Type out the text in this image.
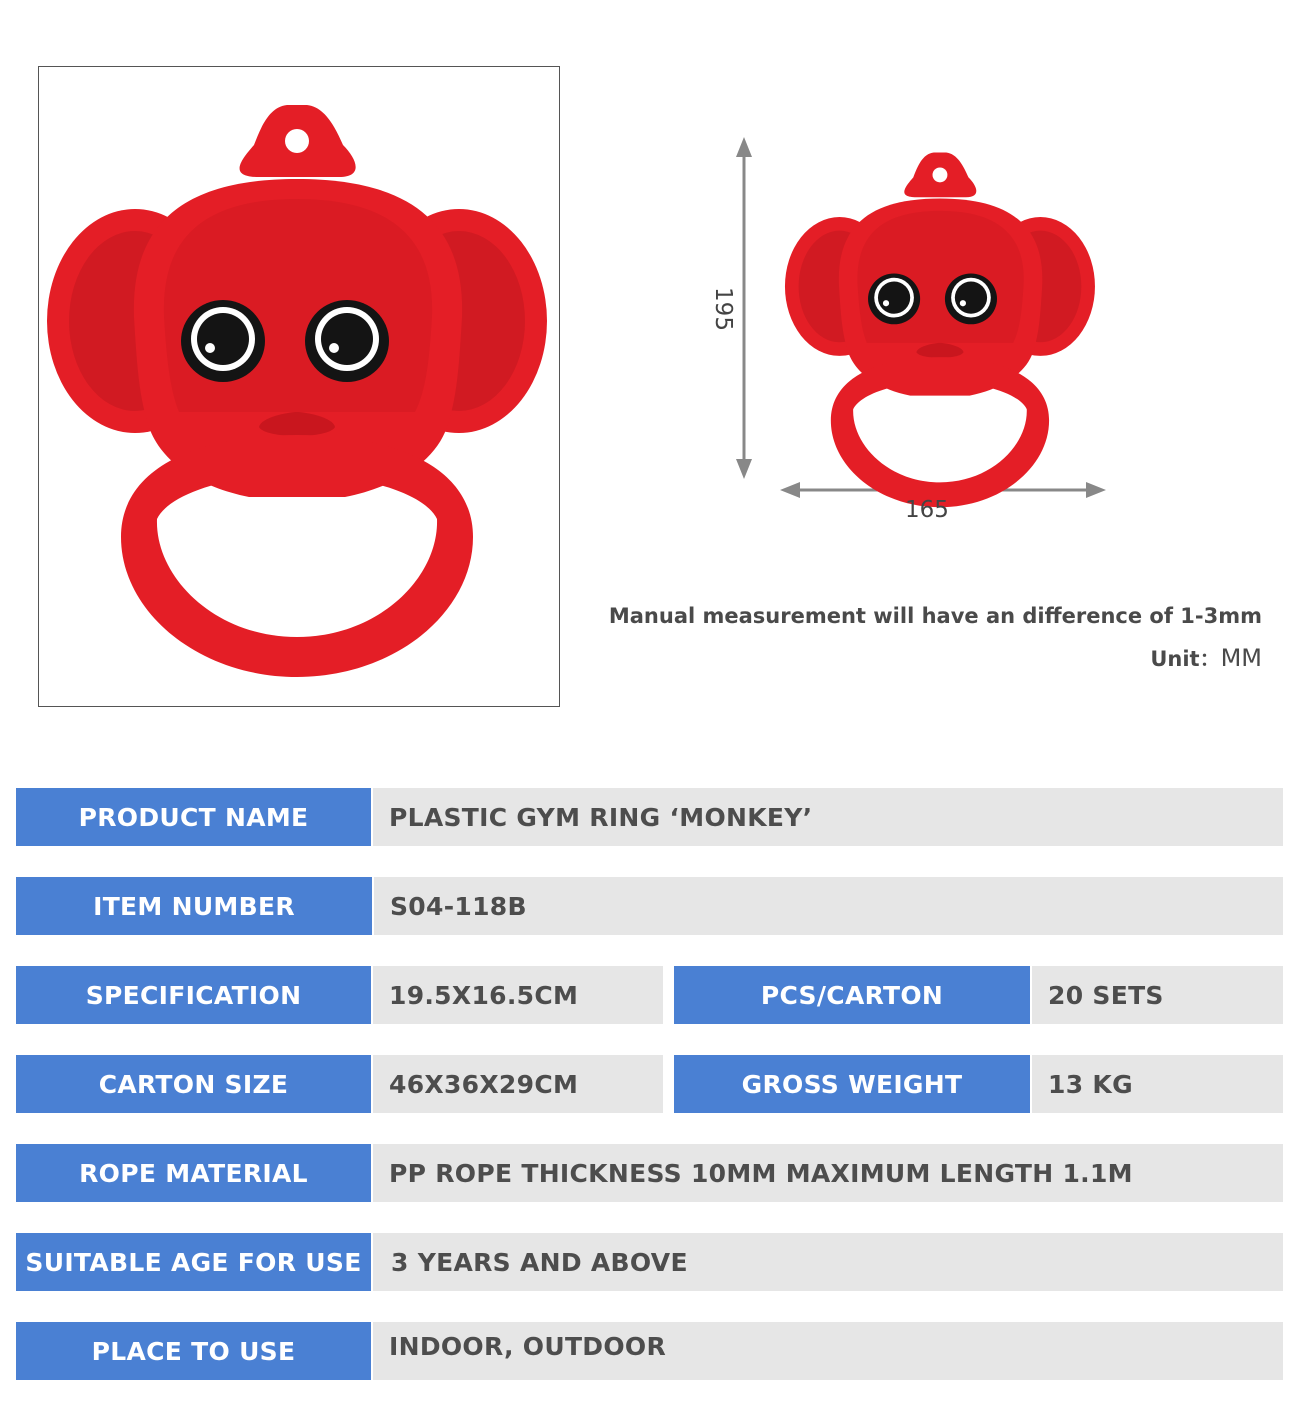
195
165
Manual measurement will have an difference of 1-3mm
Unit：MM
PRODUCT NAME	PLASTIC GYM RING ‘MONKEY’
ITEM NUMBER	S04-118B
SPECIFICATION	19.5X16.5CM	PCS/CARTON	20 SETS
CARTON SIZE	46X36X29CM	GROSS WEIGHT	13 KG
ROPE MATERIAL	PP ROPE THICKNESS 10MM MAXIMUM LENGTH 1.1M
SUITABLE AGE FOR USE	3 YEARS AND ABOVE
PLACE TO USE	INDOOR, OUTDOOR
